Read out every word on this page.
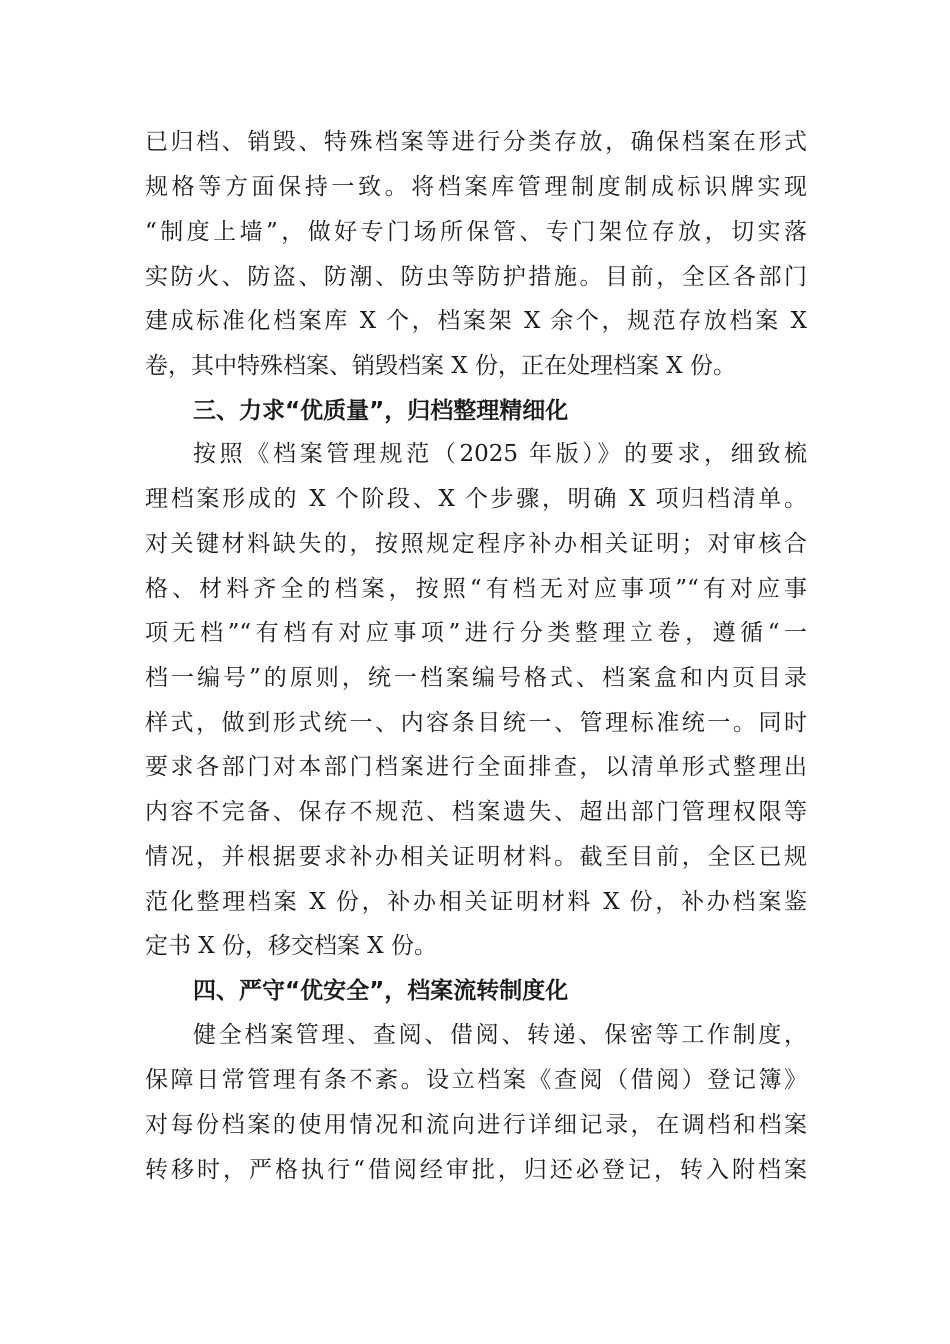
已归档、销毁、特殊档案等进行分类存放，确保档案在形式
规格等方面保持一致。将档案库管理制度制成标识牌实现
“制度上墙”，做好专门场所保管、专门架位存放，切实落
实防火、防盗、防潮、防虫等防护措施。目前，全区各部门
建成标准化档案库 X 个，档案架 X 余个，规范存放档案 X
卷，其中特殊档案、销毁档案 X 份，正在处理档案 X 份。
三、力求“优质量”，归档整理精细化
按照《档案管理规范（2025 年版）》的要求，细致梳
理档案形成的 X 个阶段、X 个步骤，明确 X 项归档清单。
对关键材料缺失的，按照规定程序补办相关证明；对审核合
格、材料齐全的档案，按照“有档无对应事项”“有对应事
项无档”“有档有对应事项”进行分类整理立卷，遵循“一
档一编号”的原则，统一档案编号格式、档案盒和内页目录
样式，做到形式统一、内容条目统一、管理标准统一。同时
要求各部门对本部门档案进行全面排查，以清单形式整理出
内容不完备、保存不规范、档案遗失、超出部门管理权限等
情况，并根据要求补办相关证明材料。截至目前，全区已规
范化整理档案 X 份，补办相关证明材料 X 份，补办档案鉴
定书 X 份，移交档案 X 份。
四、严守“优安全”，档案流转制度化
健全档案管理、查阅、借阅、转递、保密等工作制度，
保障日常管理有条不紊。设立档案《查阅（借阅）登记簿》
对每份档案的使用情况和流向进行详细记录，在调档和档案
转移时，严格执行“借阅经审批，归还必登记，转入附档案
